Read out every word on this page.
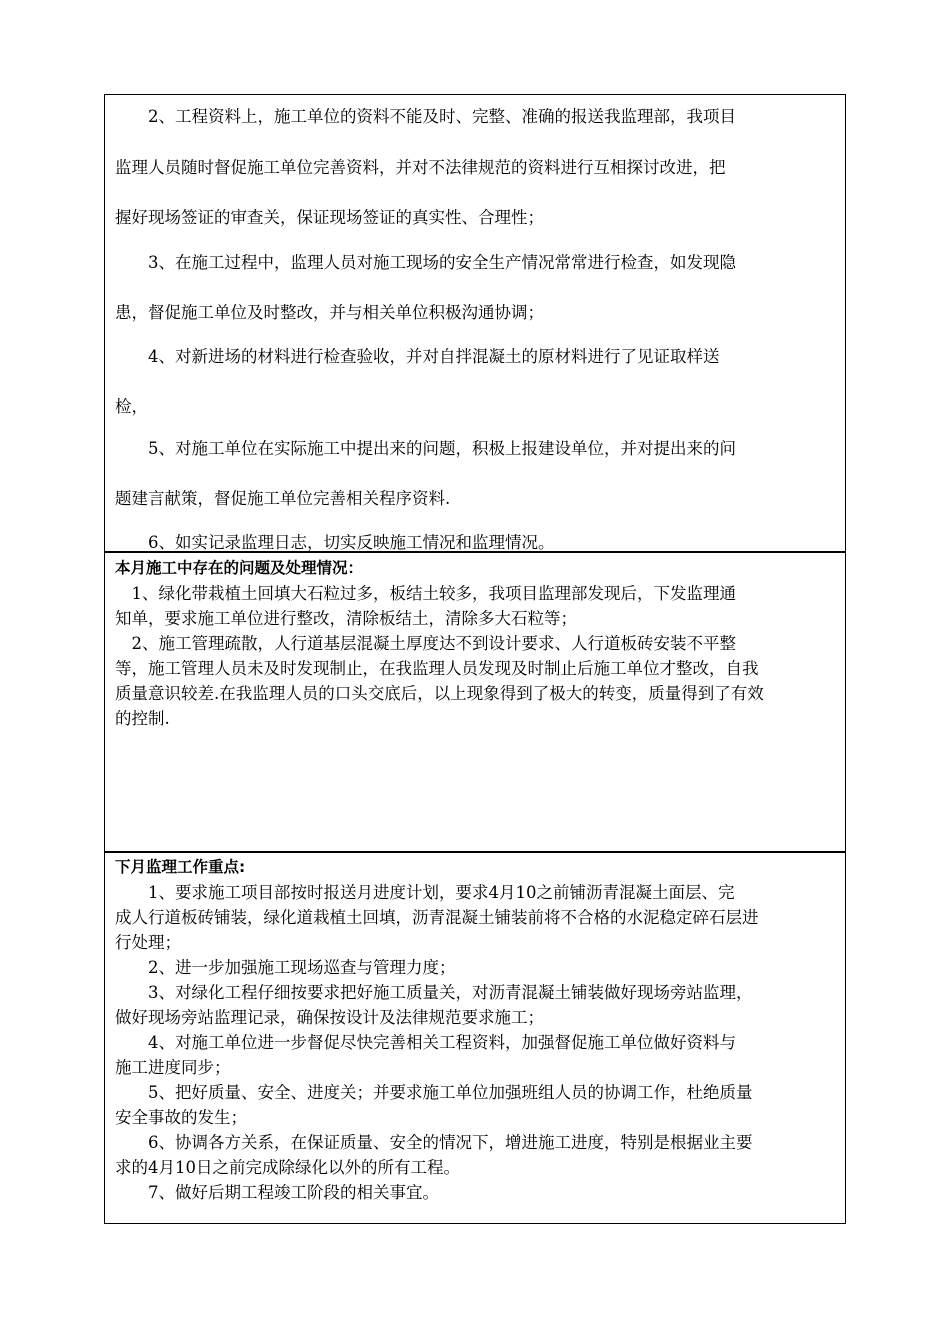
　　2、工程资料上，施工单位的资料不能及时、完整、准确的报送我监理部，我项目
监理人员随时督促施工单位完善资料，并对不法律规范的资料进行互相探讨改进，把
握好现场签证的审查关，保证现场签证的真实性、合理性；
　　3、在施工过程中，监理人员对施工现场的安全生产情况常常进行检查，如发现隐
患，督促施工单位及时整改，并与相关单位积极沟通协调；
　　4、对新进场的材料进行检查验收，并对自拌混凝土的原材料进行了见证取样送
检，
　　5、对施工单位在实际施工中提出来的问题，积极上报建设单位，并对提出来的问
题建言献策，督促施工单位完善相关程序资料.
　　6、如实记录监理日志，切实反映施工情况和监理情况。
本月施工中存在的问题及处理情况：
　1、绿化带栽植土回填大石粒过多，板结土较多，我项目监理部发现后，下发监理通
知单，要求施工单位进行整改，清除板结土，清除多大石粒等；
　2、施工管理疏散，人行道基层混凝土厚度达不到设计要求、人行道板砖安装不平整
等，施工管理人员未及时发现制止，在我监理人员发现及时制止后施工单位才整改，自我
质量意识较差.在我监理人员的口头交底后，以上现象得到了极大的转变，质量得到了有效
的控制.
下月监理工作重点:
　　1、要求施工项目部按时报送月进度计划，要求4月10之前铺沥青混凝土面层、完
成人行道板砖铺装，绿化道栽植土回填，沥青混凝土铺装前将不合格的水泥稳定碎石层进
行处理；
　　2、进一步加强施工现场巡查与管理力度；
　　3、对绿化工程仔细按要求把好施工质量关，对沥青混凝土铺装做好现场旁站监理，
做好现场旁站监理记录，确保按设计及法律规范要求施工；
　　4、对施工单位进一步督促尽快完善相关工程资料，加强督促施工单位做好资料与
施工进度同步；
　　5、把好质量、安全、进度关；并要求施工单位加强班组人员的协调工作，杜绝质量
安全事故的发生；
　　6、协调各方关系，在保证质量、安全的情况下，增进施工进度，特别是根据业主要
求的4月10日之前完成除绿化以外的所有工程。
　　7、做好后期工程竣工阶段的相关事宜。
